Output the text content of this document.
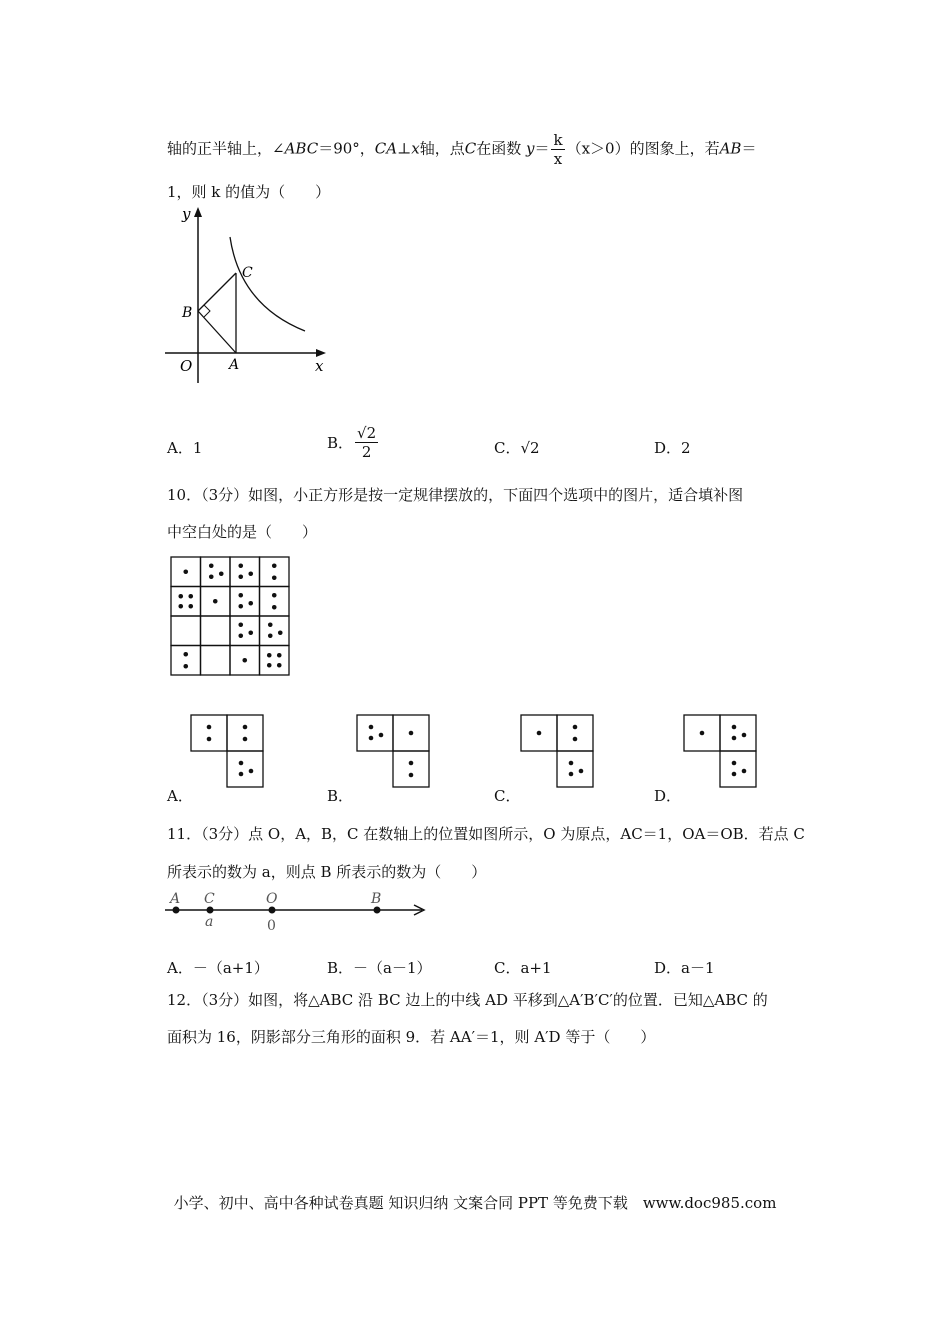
轴的正半轴上，∠ABC＝90°，CA⊥x轴，点C在函数 $y= \frac{k}{x} (x>0)$的图象上，若AB＝
1，则 k 的值为（　　）
y
x
O	A
B
C
A．1	B． $\frac{√2}{2}$	C．√2	D．2
10．（3分）如图，小正方形是按一定规律摆放的，下面四个选项中的图片，适合填补图
中空白处的是（　　）
A．	B．	C．	D．
11．（3分）点 O，A，B，C 在数轴上的位置如图所示，O 为原点，AC＝1，OA＝OB．若点 C
所表示的数为 a，则点 B 所表示的数为（　　）
A C	O	B
a	0
A．－（a+1）	B．－（a－1）	C．a+1	D．a－1
12．（3分）如图，将△ABC 沿 BC 边上的中线 AD 平移到△A′B′C′的位置．已知△ABC 的
面积为 16，阴影部分三角形的面积 9．若 AA′＝1，则 A′D 等于（　　）
小学、初中、高中各种试卷真题 知识归纳 文案合同 PPT 等免费下载　www.doc985.com
